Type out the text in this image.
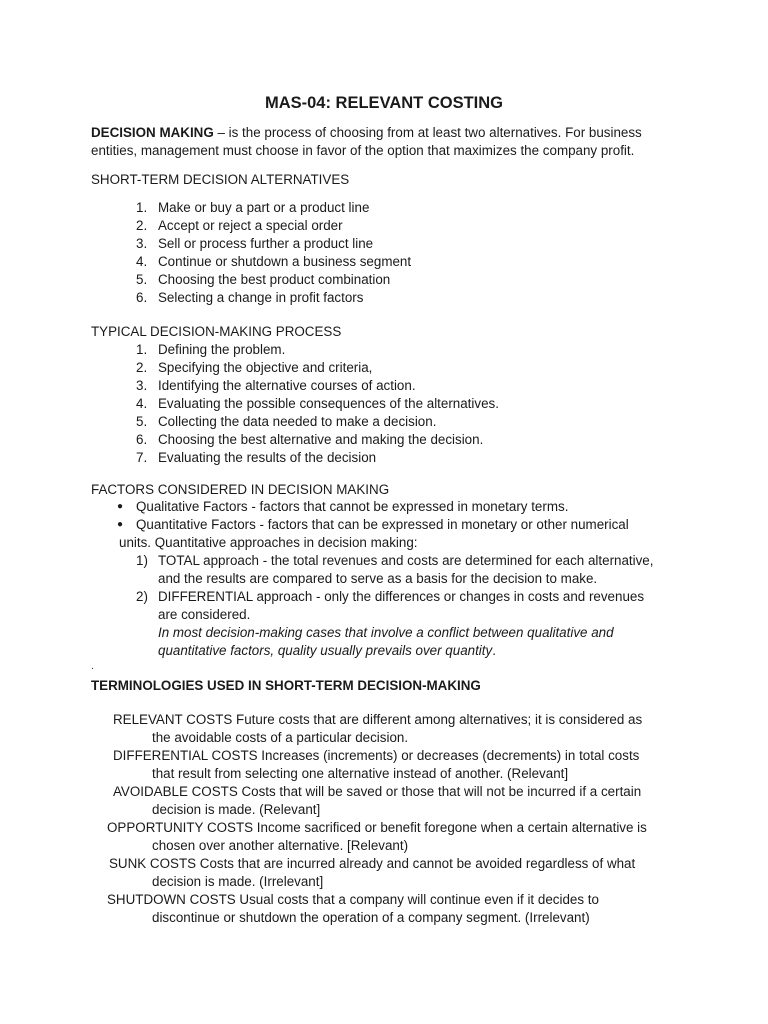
MAS-04: RELEVANT COSTING
DECISION MAKING – is the process of choosing from at least two alternatives. For business
entities, management must choose in favor of the option that maximizes the company profit.
SHORT-TERM DECISION ALTERNATIVES
1. Make or buy a part or a product line
2. Accept or reject a special order
3. Sell or process further a product line
4. Continue or shutdown a business segment
5. Choosing the best product combination
6. Selecting a change in profit factors
TYPICAL DECISION-MAKING PROCESS
1. Defining the problem.
2. Specifying the objective and criteria,
3. Identifying the alternative courses of action.
4. Evaluating the possible consequences of the alternatives.
5. Collecting the data needed to make a decision.
6. Choosing the best alternative and making the decision.
7. Evaluating the results of the decision
FACTORS CONSIDERED IN DECISION MAKING
● Qualitative Factors - factors that cannot be expressed in monetary terms.
● Quantitative Factors - factors that can be expressed in monetary or other numerical
units. Quantitative approaches in decision making:
1) TOTAL approach - the total revenues and costs are determined for each alternative,
and the results are compared to serve as a basis for the decision to make.
2) DIFFERENTIAL approach - only the differences or changes in costs and revenues
are considered.
In most decision-making cases that involve a conflict between qualitative and
quantitative factors, quality usually prevails over quantity.
.
TERMINOLOGIES USED IN SHORT-TERM DECISION-MAKING
RELEVANT COSTS Future costs that are different among alternatives; it is considered as
the avoidable costs of a particular decision.
DIFFERENTIAL COSTS Increases (increments) or decreases (decrements) in total costs
that result from selecting one alternative instead of another. (Relevant]
AVOIDABLE COSTS Costs that will be saved or those that will not be incurred if a certain
decision is made. (Relevant]
OPPORTUNITY COSTS Income sacrificed or benefit foregone when a certain alternative is
chosen over another alternative. [Relevant)
SUNK COSTS Costs that are incurred already and cannot be avoided regardless of what
decision is made. (Irrelevant]
SHUTDOWN COSTS Usual costs that a company will continue even if it decides to
discontinue or shutdown the operation of a company segment. (Irrelevant)
